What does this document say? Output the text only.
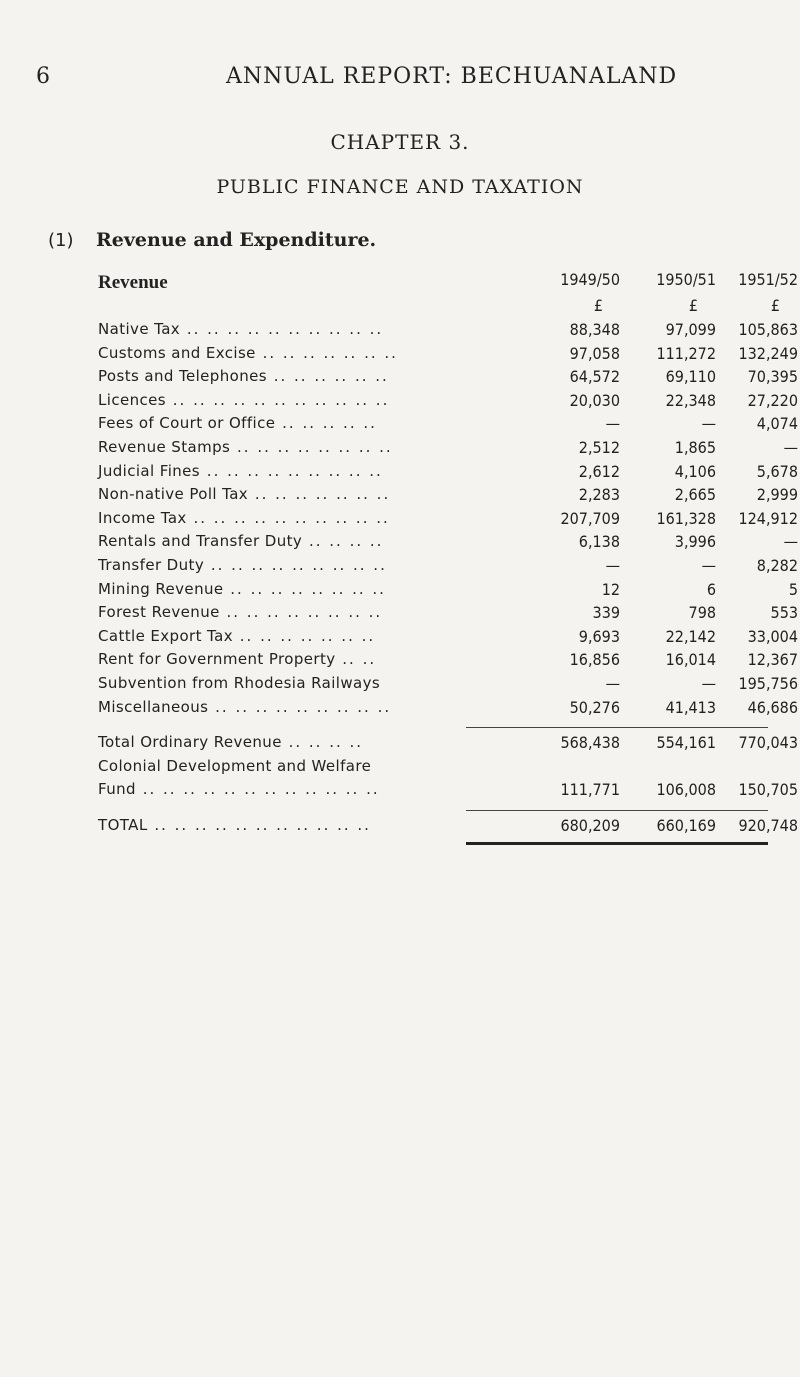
6	ANNUAL REPORT: BECHUANALAND
CHAPTER 3.
PUBLIC FINANCE AND TAXATION
(1) Revenue and Expenditure.
Revenue	1949/50	1950/51	1951/52
£	£	£
Native Tax .. .. .. .. .. .. .. .. .. ..	88,348	97,099	105,863
Customs and Excise .. .. .. .. .. .. ..	97,058	111,272	132,249
Posts and Telephones .. .. .. .. .. ..	64,572	69,110	70,395
Licences .. .. .. .. .. .. .. .. .. .. ..	20,030	22,348	27,220
Fees of Court or Office .. .. .. .. ..	—	—	4,074
Revenue Stamps .. .. .. .. .. .. .. ..	2,512	1,865	—
Judicial Fines .. .. .. .. .. .. .. .. ..	2,612	4,106	5,678
Non-native Poll Tax .. .. .. .. .. .. ..	2,283	2,665	2,999
Income Tax .. .. .. .. .. .. .. .. .. ..	207,709	161,328	124,912
Rentals and Transfer Duty .. .. .. ..	6,138	3,996	—
Transfer Duty .. .. .. .. .. .. .. .. ..	—	—	8,282
Mining Revenue .. .. .. .. .. .. .. ..	12	6	5
Forest Revenue .. .. .. .. .. .. .. ..	339	798	553
Cattle Export Tax .. .. .. .. .. .. ..	9,693	22,142	33,004
Rent for Government Property .. ..	16,856	16,014	12,367
Subvention from Rhodesia Railways	—	—	195,756
Miscellaneous .. .. .. .. .. .. .. .. ..	50,276	41,413	46,686
Total Ordinary Revenue .. .. .. ..	568,438	554,161	770,043
Colonial Development and Welfare
Fund .. .. .. .. .. .. .. .. .. .. .. ..	111,771	106,008	150,705
TOTAL .. .. .. .. .. .. .. .. .. .. ..	680,209	660,169	920,748
